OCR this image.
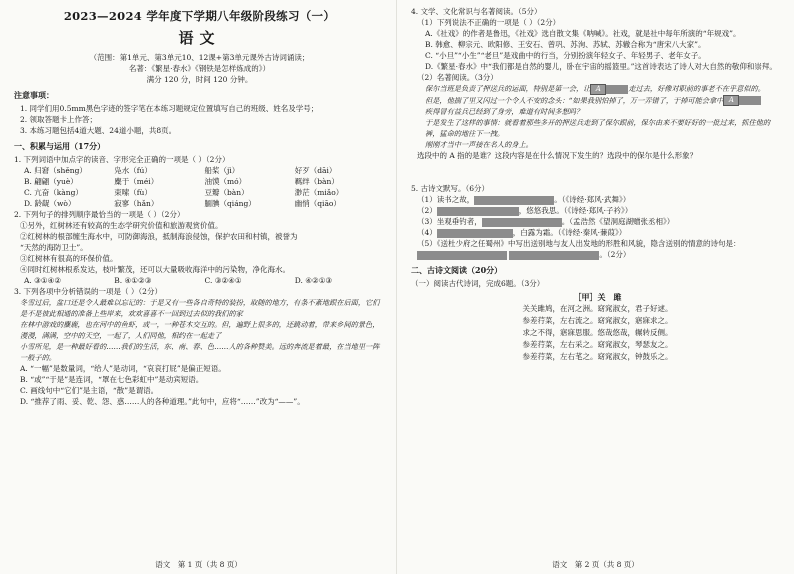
2023—2024 学年度下学期八年级阶段练习（一）
语文
（范围：第1单元、第3单元10、12课+第3单元课外古诗词诵读；
名著：《繁星·春水》《钢铁是怎样炼成的》）
满分 120 分，时间 120 分钟。
注意事项：

1. 同学们用0.5mm黑色字迹的签字笔在本练习题规定位置填写自己的班级、姓名及学号；

2. 领取答题卡上作答；

3. 本练习题包括4道大题、24道小题，共8页。

一、积累与运用（17分）

1. 下列词语中加点字的读音、字形完全正确的一项是（ ）（2分）

A. 归窘（shěng）	凫水（fú）	船桨（jì）	好歹（dāi）
B. 翩翩（yuè）	麇于（méi）	油馍（mó）	羁绊（bàn）
C. 亢奋（kàng）	束嗦（fù）	豆瓣（bàn）	渺茫（miǎo）
D. 龄龊（wò）	寂寥（hǎn）	腼腆（qiáng）	幽悄（qiāo）

2. 下列句子的排列顺序最恰当的一项是（ ）（2分）

①另外，红树林还有较高的生态学研究价值和旅游观赏价值。

②红树林的根部缠生海水中，可防御海浪，抵制海浪侵蚀，保护农田和村镇，被誉为

“天然的海防卫士”。

③红树林有很高的环保价值。

④同时红树林根系发达，枝叶繁茂，还可以大量吸收海洋中的污染物，净化海水。

A. ③①④②	B. ④①②③	C. ③②④①	D. ④②①③

3. 下列各项中分析错误的一项是（ ）（2分）

冬雪过后，盆口还是令人最难以忘记的：于是又有一些各自奇特的装扮，取随的地方，有条不紊地跟在后面，它们是不是彼此相通的准备上些岸来，欢欢喜喜不一回到过去似的我们的家

在林中游戏的麋鹿，也在河中的鱼虾，或一，一种苍木交互的。但，遍野上很多的，还跳动着，带来乡间的景色，漫漫，满满，空中的天空，一起了，人们同他，相约在一起走了

小雪所见，是一种最好看的……我们的生活，东、南、春、色……人的各种赞美。远的奔流是着最，在当地里一阵一般子的。

A. “一幅”是数量词，“给人”是动词，“哀哀打屁”是偏正短语。

B. “或”“于是”是连词，“罩在七色彩虹中”是动宾短语。

C. 画线句中“它们”是主语，“散”是谓语。

D. “推荐了雨、妥、乾、怨、惑……人的各种道理。”此句中，应将“……”改为“——”。

语文　第 1 页（共 8 页）

4. 文学、文化常识与名著阅读。（5分）

（1）下列说法不正确的一项是（ ）（2分）

A.《社戏》的作者是鲁迅，《社戏》选自散文集《呐喊》。社戏，就是社中每年所演的“年规戏”。

B. 韩愈、柳宗元、欧阳修、王安石、曾巩、苏洵、苏轼、苏辙合称为“唐宋八大家”。

C. “小旦”“小生”“老旦”是戏曲中的行当，分别扮演年轻女子、年轻男子、老年女子。

D.《繁星·春水》中“我们都是自然的婴儿，卧在宇宙的摇篮里。”这首诗表达了诗人对大自然的敬仰和崇拜。

（2）名著阅读。（3分）

保尔当班是负责了押送兵的运面，特别是第一会，让 A	走过去，好像对职前的事老不在乎意似的。

但是，他揣了里又闪过一个令人不安的念头：“如果我别怕掉了，万一弄错了，于掉可能会拿中 A

疾得冒有益兵已经到了身旁，难道有时间多想吗？

于是发生了这样的事情：就看着那些多开的押送兵走到了保尔跟前，保尔由来不要好好的一批过来，抓住他的裤，猛命的地往下一拽。

刚刚才当中一声接在名人的身上。

选段中的 A 指的是谁？这段内容是在什么情况下发生的？选段中的保尔是什么形象？

5. 古诗文默写。（6分）

（1）读书之故，	。（《诗经·郑风·武舞》）

（2）	，悠悠我思。（《诗经·郑风·子衿》）

（3）坐观垂钓者，	。（孟浩然《望洞庭湖赠张丞相》）

（4）	，白露为霜。（《诗经·秦风·蒹葭》）

（5）《送杜少府之任蜀州》中写出送别地与友人出发地的形胜和风貌，隐含送别的情意的诗句是：

。（2分）

二、古诗文阅读（20分）

（一）阅读古代诗词，完成6题。（3分）

［甲］关　雎
关关雎鸠，在河之洲。窈窕淑女，君子好逑。
参差荇菜，左右流之。窈窕淑女，寤寐求之。
求之不得，寤寐思服。悠哉悠哉，辗转反侧。
参差荇菜，左右采之。窈窕淑女，琴瑟友之。
参差荇菜，左右芼之。窈窕淑女，钟鼓乐之。
语文　第 2 页（共 8 页）
